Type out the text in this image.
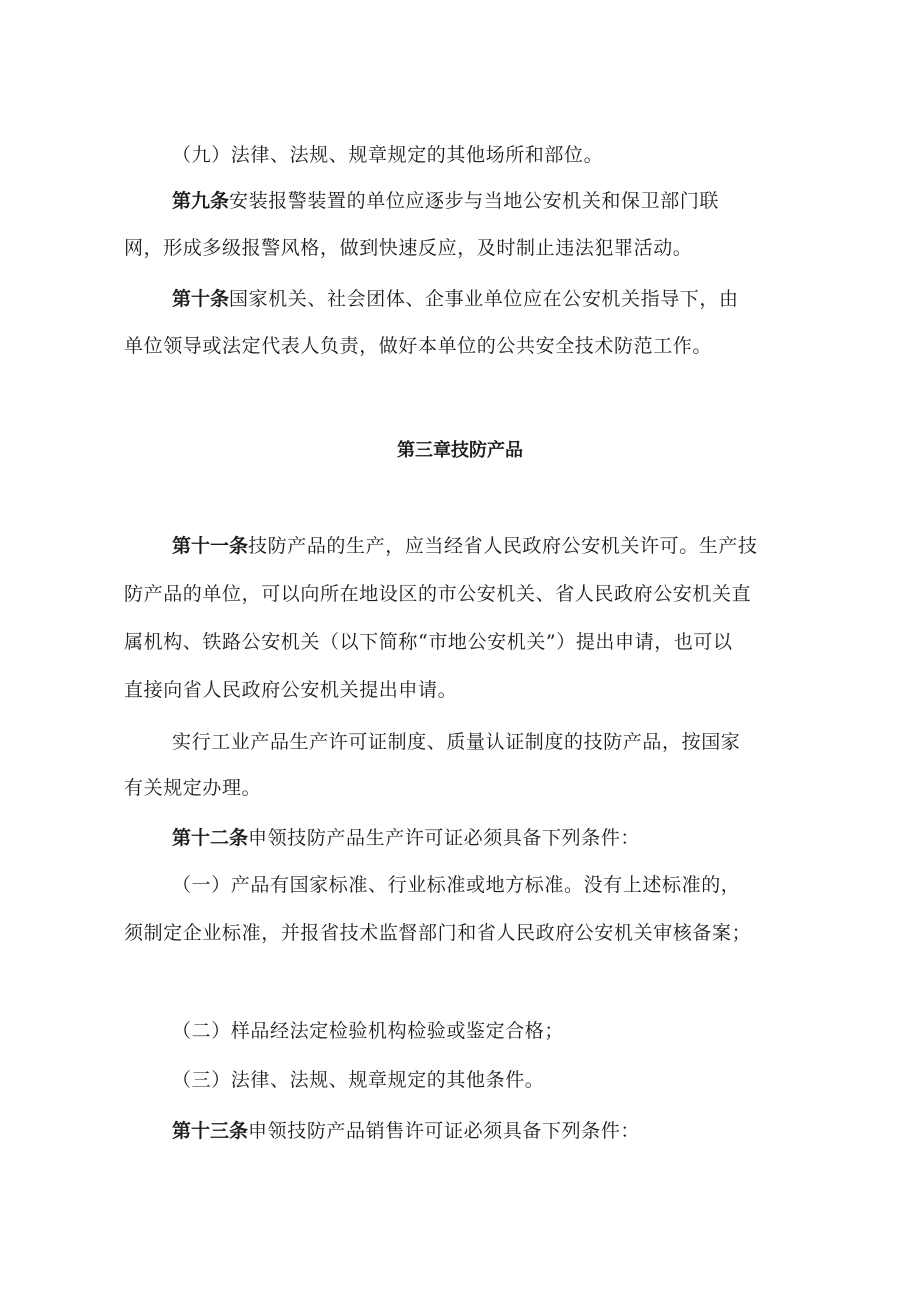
（九）法律、法规、规章规定的其他场所和部位。
第九条安装报警装置的单位应逐步与当地公安机关和保卫部门联
网，形成多级报警风格，做到快速反应，及时制止违法犯罪活动。
第十条国家机关、社会团体、企事业单位应在公安机关指导下，由
单位领导或法定代表人负责，做好本单位的公共安全技术防范工作。
第三章技防产品
第十一条技防产品的生产，应当经省人民政府公安机关许可。生产技
防产品的单位，可以向所在地设区的市公安机关、省人民政府公安机关直
属机构、铁路公安机关（以下简称“市地公安机关”）提出申请，也可以
直接向省人民政府公安机关提出申请。
实行工业产品生产许可证制度、质量认证制度的技防产品，按国家
有关规定办理。
第十二条申领技防产品生产许可证必须具备下列条件：
（一）产品有国家标准、行业标准或地方标准。没有上述标准的，
须制定企业标准，并报省技术监督部门和省人民政府公安机关审核备案；
（二）样品经法定检验机构检验或鉴定合格；
（三）法律、法规、规章规定的其他条件。
第十三条申领技防产品销售许可证必须具备下列条件：
